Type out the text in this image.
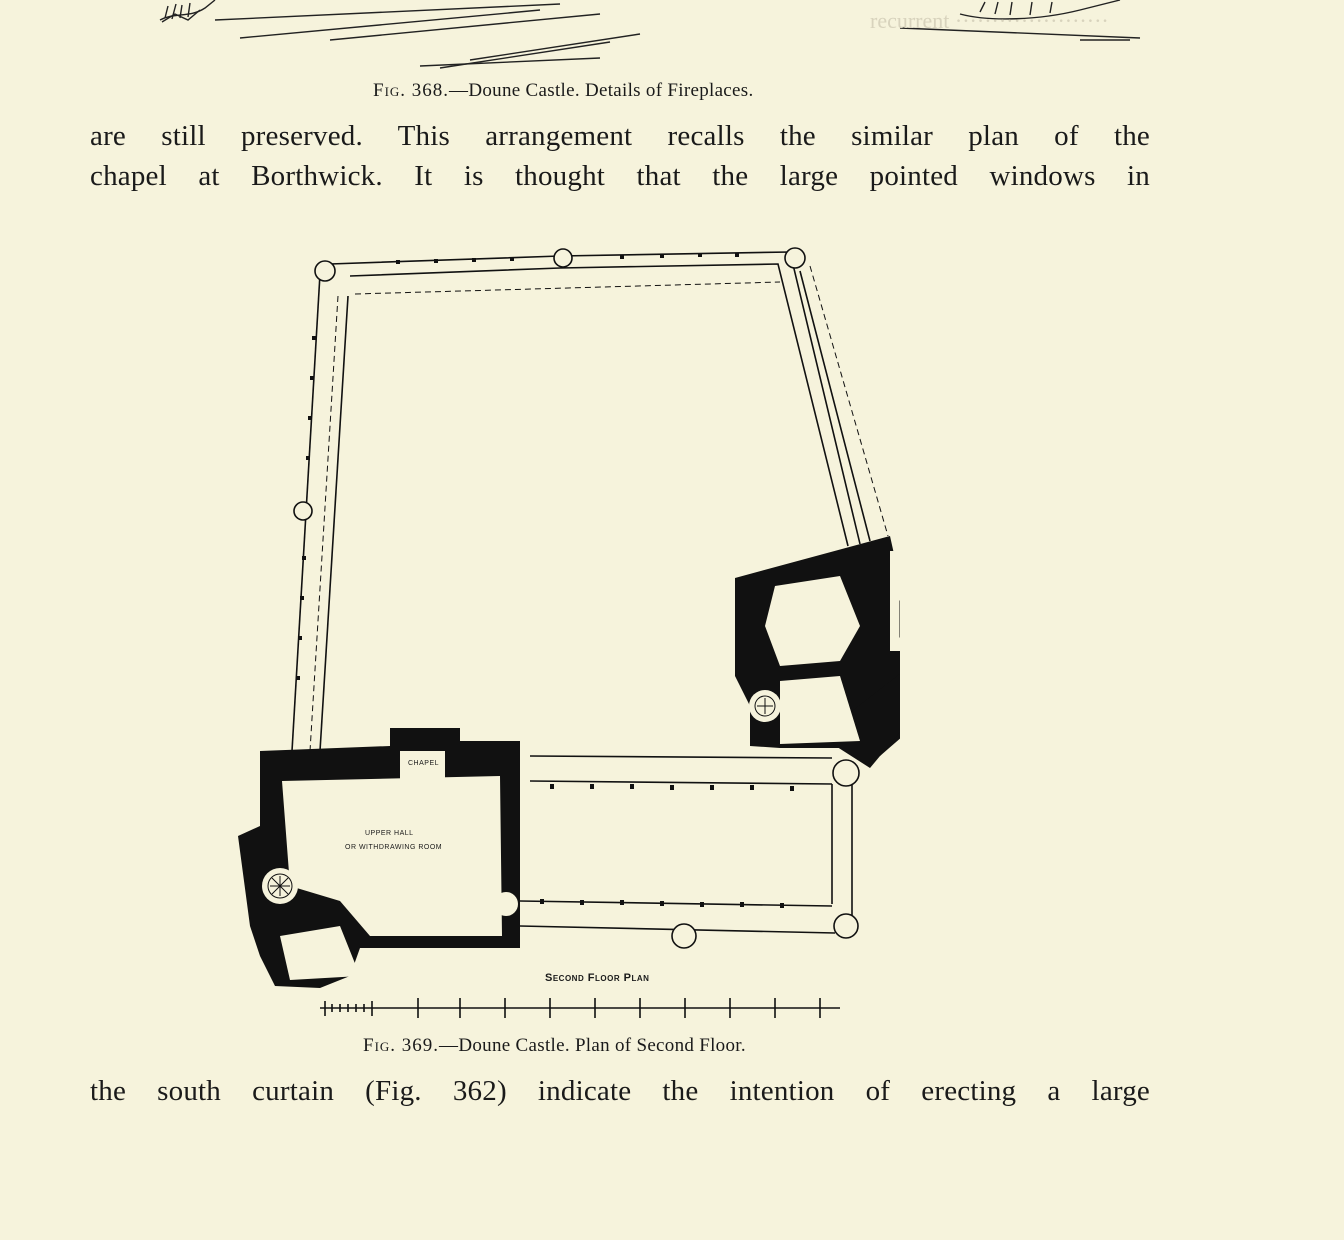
recurrent ·····················
Fig. 368.—Doune Castle. Details of Fireplaces.
are still preserved. This arrangement recalls the similar plan of the
chapel at Borthwick. It is thought that the large pointed windows in
CHAPEL
UPPER HALL
OR WITHDRAWING ROOM
CHAPEL
Second Floor Plan
Fig. 369.—Doune Castle. Plan of Second Floor.
the south curtain (Fig. 362) indicate the intention of erecting a large
